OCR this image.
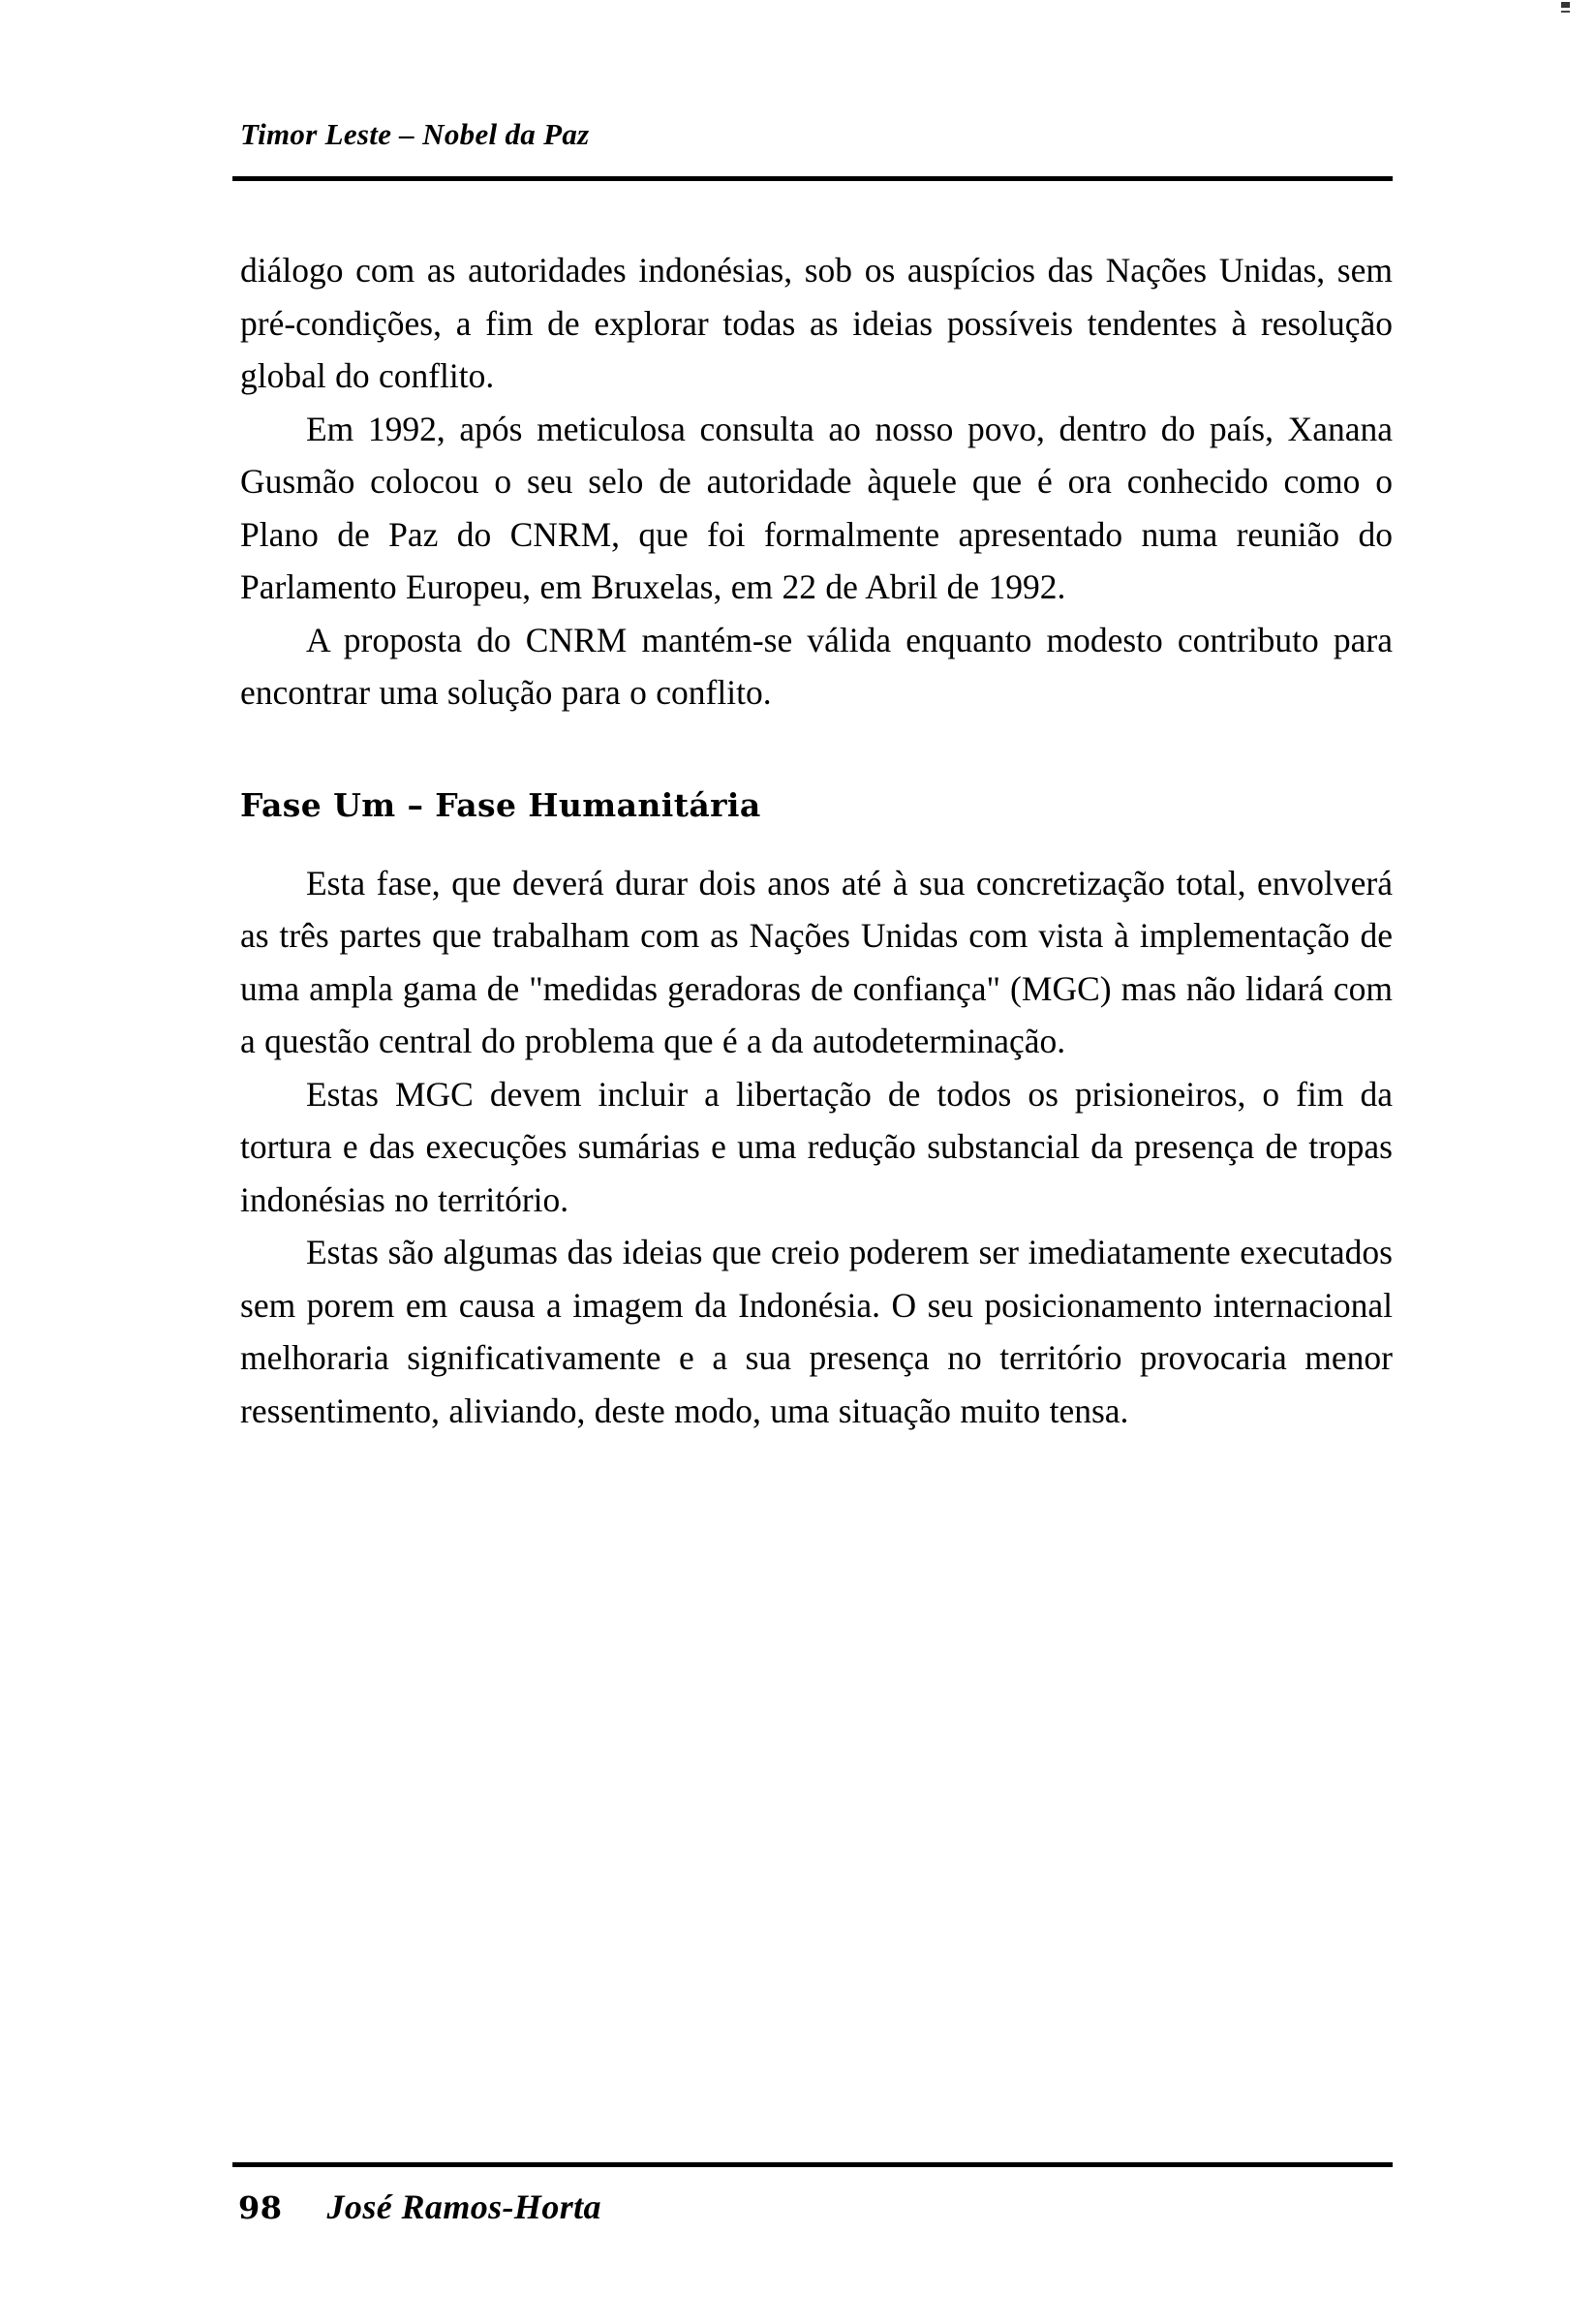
Timor Leste – Nobel da Paz

diálogo com as autoridades indonésias, sob os auspícios das Nações Unidas, sem pré-condições, a fim de explorar todas as ideias possíveis tendentes à resolução global do conflito.

Em 1992, após meticulosa consulta ao nosso povo, dentro do país, Xanana Gusmão colocou o seu selo de autoridade àquele que é ora conhecido como o Plano de Paz do CNRM, que foi formalmente apresentado numa reunião do Parlamento Europeu, em Bruxelas, em 22 de Abril de 1992.

A proposta do CNRM mantém-se válida enquanto modesto contributo para encontrar uma solução para o conflito.

Fase Um – Fase Humanitária

Esta fase, que deverá durar dois anos até à sua concretização total, envolverá as três partes que trabalham com as Nações Unidas com vista à implementação de uma ampla gama de "medidas geradoras de confiança" (MGC) mas não lidará com a questão central do problema que é a da autodeterminação.

Estas MGC devem incluir a libertação de todos os prisioneiros, o fim da tortura e das execuções sumárias e uma redução substancial da presença de tropas indonésias no território.

Estas são algumas das ideias que creio poderem ser imediatamente executados sem porem em causa a imagem da Indonésia. O seu posicionamento internacional melhoraria significativamente e a sua presença no território provocaria menor ressentimento, aliviando, deste modo, uma situação muito tensa.

98 José Ramos-Horta
